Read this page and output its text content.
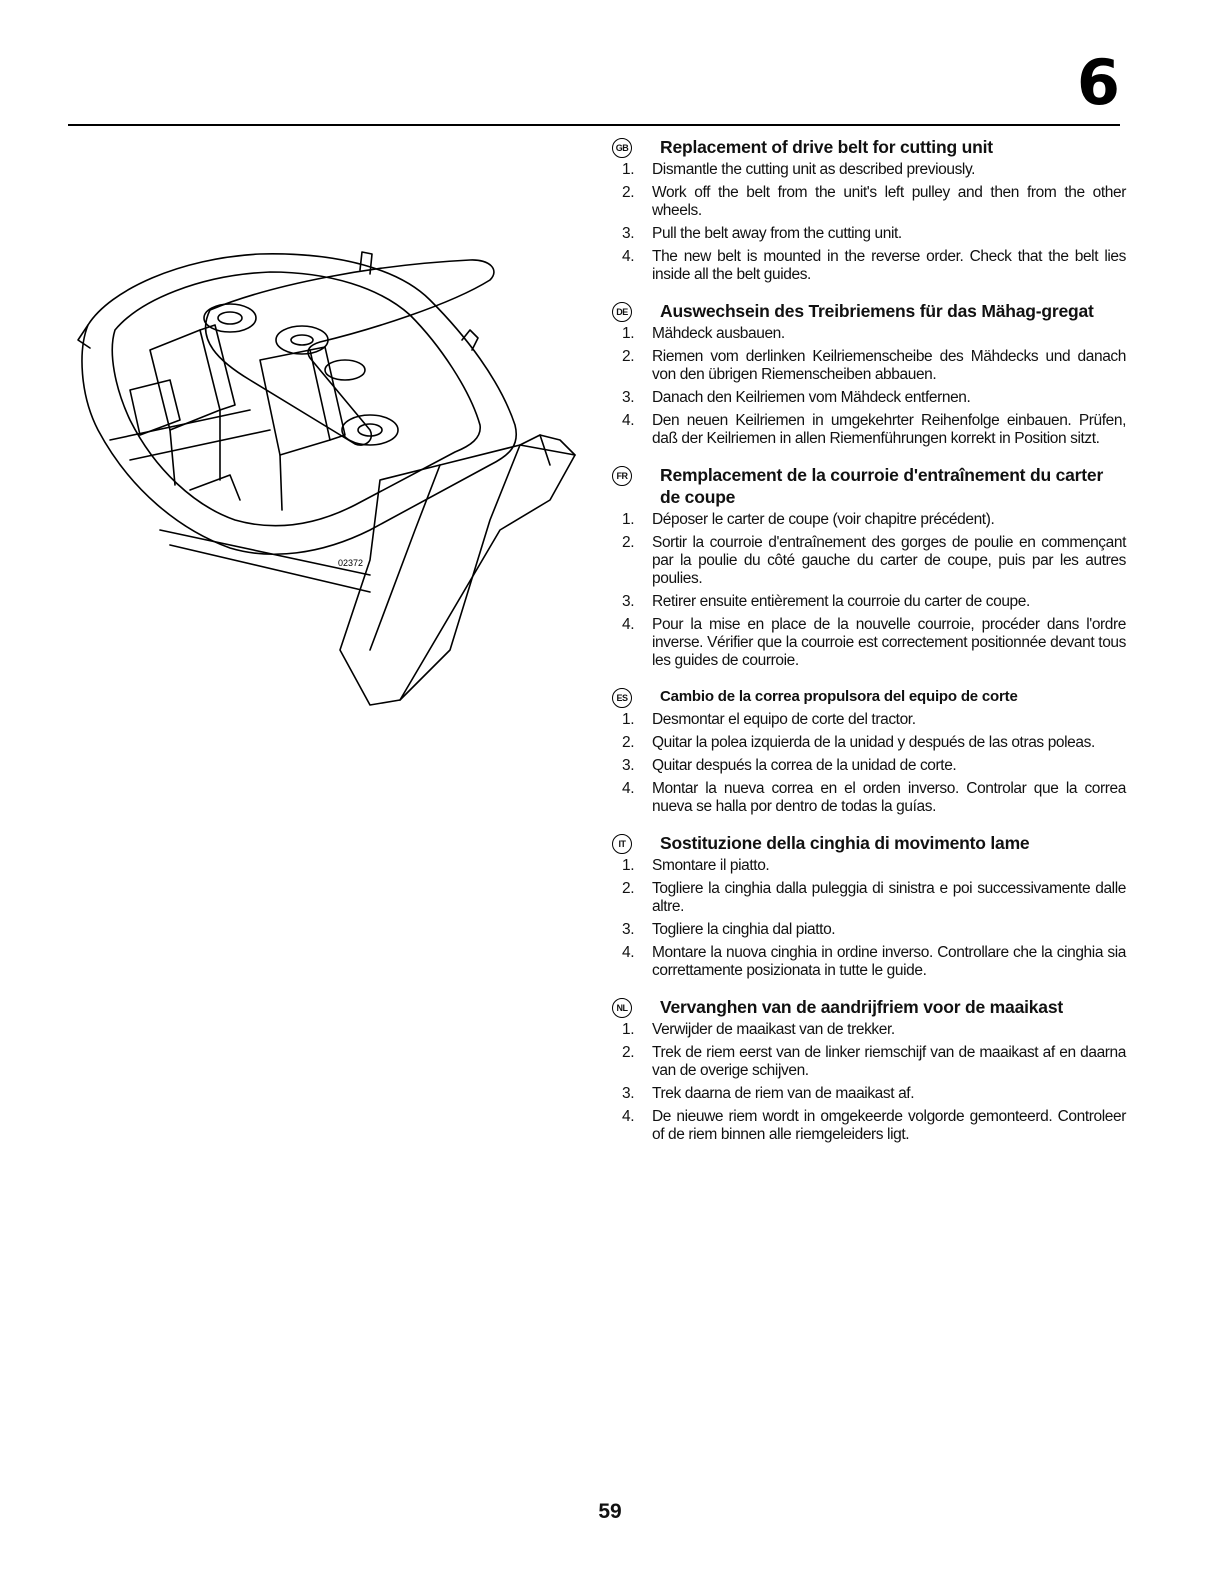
6
02372
GB Replacement of drive belt for cutting unit
1.	Dismantle the cutting unit as described previously.
2.	Work off the belt from the unit's left pulley and then from the other wheels.
3.	Pull the belt away from the cutting unit.
4.	The new belt is mounted in the reverse order. Check that the belt lies inside all the belt guides.
DE Auswechsein des Treibriemens für das Mähag-gregat
1.	Mähdeck ausbauen.
2.	Riemen vom derlinken Keilriemenscheibe des Mähdecks und danach von den übrigen Riemenscheiben abbauen.
3.	Danach den Keilriemen vom Mähdeck entfernen.
4.	Den neuen Keilriemen in umgekehrter Reihenfolge einbauen. Prüfen, daß der Keilriemen in allen Riemenführungen korrekt in Position sitzt.
FR Remplacement de la courroie d'entraînement du carter de coupe
1.	Déposer le carter de coupe (voir chapitre précédent).
2.	Sortir la courroie d'entraînement des gorges de poulie en commençant par la poulie du côté gauche du carter de coupe, puis par les autres poulies.
3.	Retirer ensuite entièrement la courroie du carter de coupe.
4.	Pour la mise en place de la nouvelle courroie, procéder dans l'ordre inverse. Vérifier que la courroie est correctement positionnée devant tous les guides de courroie.
ES	Cambio de la correa propulsora del equipo de corte
1.	Desmontar el equipo de corte del tractor.
2.	Quitar la polea izquierda de la unidad y después de las otras poleas.
3.	Quitar después la correa de la unidad de corte.
4.	Montar la nueva correa en el orden inverso. Controlar que la correa nueva se halla por dentro de todas la guías.
IT	Sostituzione della cinghia di movimento lame
1.	Smontare il piatto.
2.	Togliere la cinghia dalla puleggia di sinistra e poi successivamente dalle altre.
3.	Togliere la cinghia dal piatto.
4.	Montare la nuova cinghia in ordine inverso. Controllare che la cinghia sia correttamente posizionata in tutte le guide.
NL Vervanghen van de aandrijfriem voor de maaikast
1.	Verwijder de maaikast van de trekker.
2.	Trek de riem eerst van de linker riemschijf van de maaikast af en daarna van de overige schijven.
3.	Trek daarna de riem van de maaikast af.
4.	De nieuwe riem wordt in omgekeerde volgorde gemonteerd. Controleer of de riem binnen alle riemgeleiders ligt.
59
